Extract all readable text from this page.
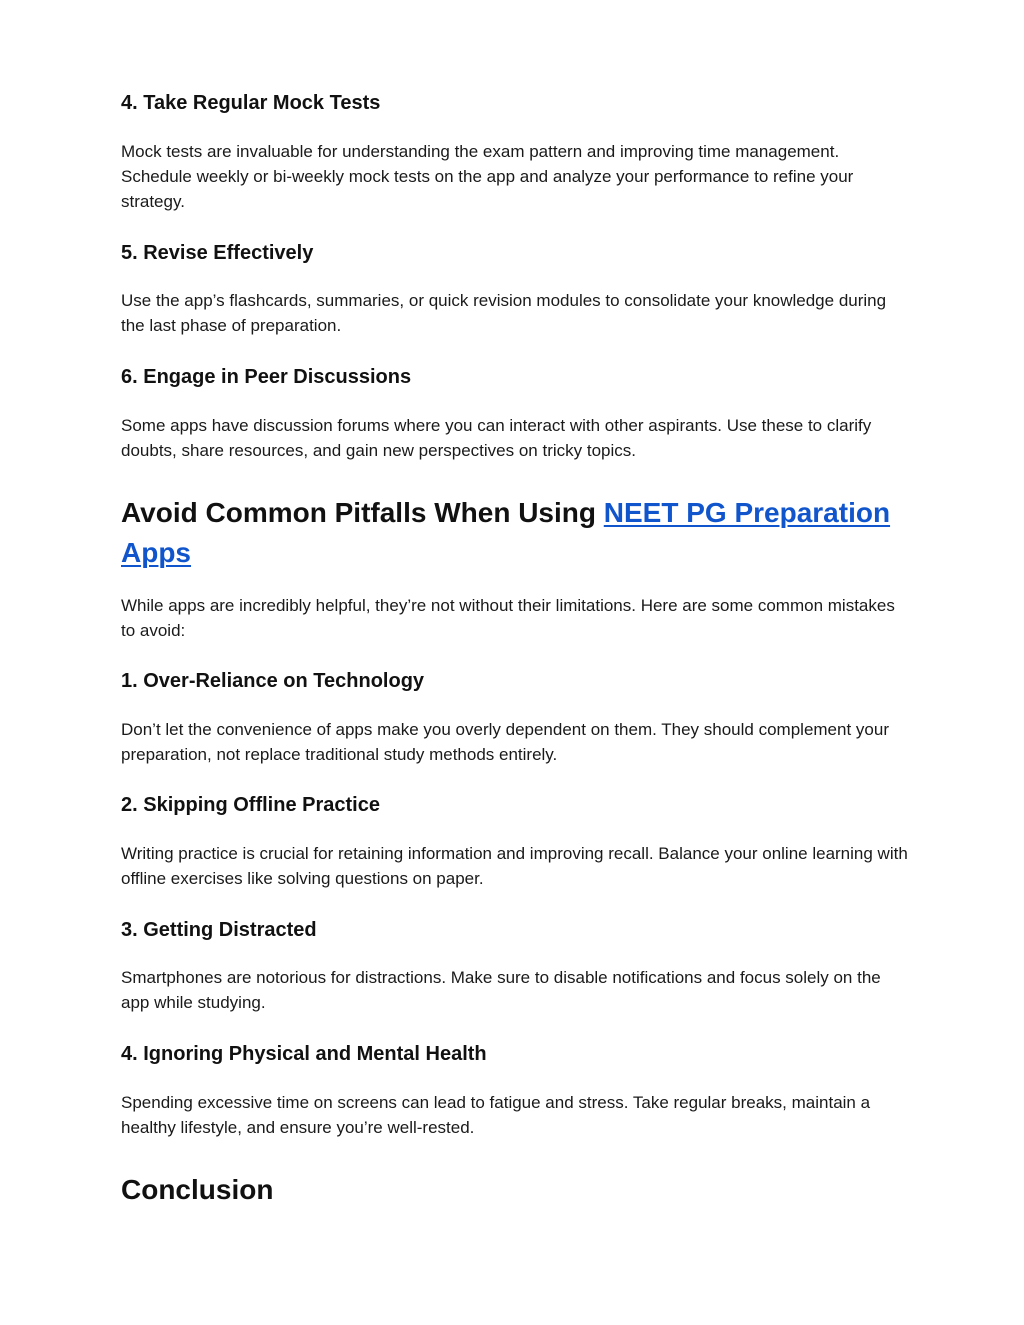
4. Take Regular Mock Tests

Mock tests are invaluable for understanding the exam pattern and improving time management. Schedule weekly or bi-weekly mock tests on the app and analyze your performance to refine your strategy.

5. Revise Effectively

Use the app’s flashcards, summaries, or quick revision modules to consolidate your knowledge during the last phase of preparation.

6. Engage in Peer Discussions

Some apps have discussion forums where you can interact with other aspirants. Use these to clarify doubts, share resources, and gain new perspectives on tricky topics.

Avoid Common Pitfalls When Using NEET PG Preparation Apps

While apps are incredibly helpful, they’re not without their limitations. Here are some common mistakes to avoid:

1. Over-Reliance on Technology

Don’t let the convenience of apps make you overly dependent on them. They should complement your preparation, not replace traditional study methods entirely.

2. Skipping Offline Practice

Writing practice is crucial for retaining information and improving recall. Balance your online learning with offline exercises like solving questions on paper.

3. Getting Distracted

Smartphones are notorious for distractions. Make sure to disable notifications and focus solely on the app while studying.

4. Ignoring Physical and Mental Health

Spending excessive time on screens can lead to fatigue and stress. Take regular breaks, maintain a healthy lifestyle, and ensure you’re well-rested.

Conclusion
